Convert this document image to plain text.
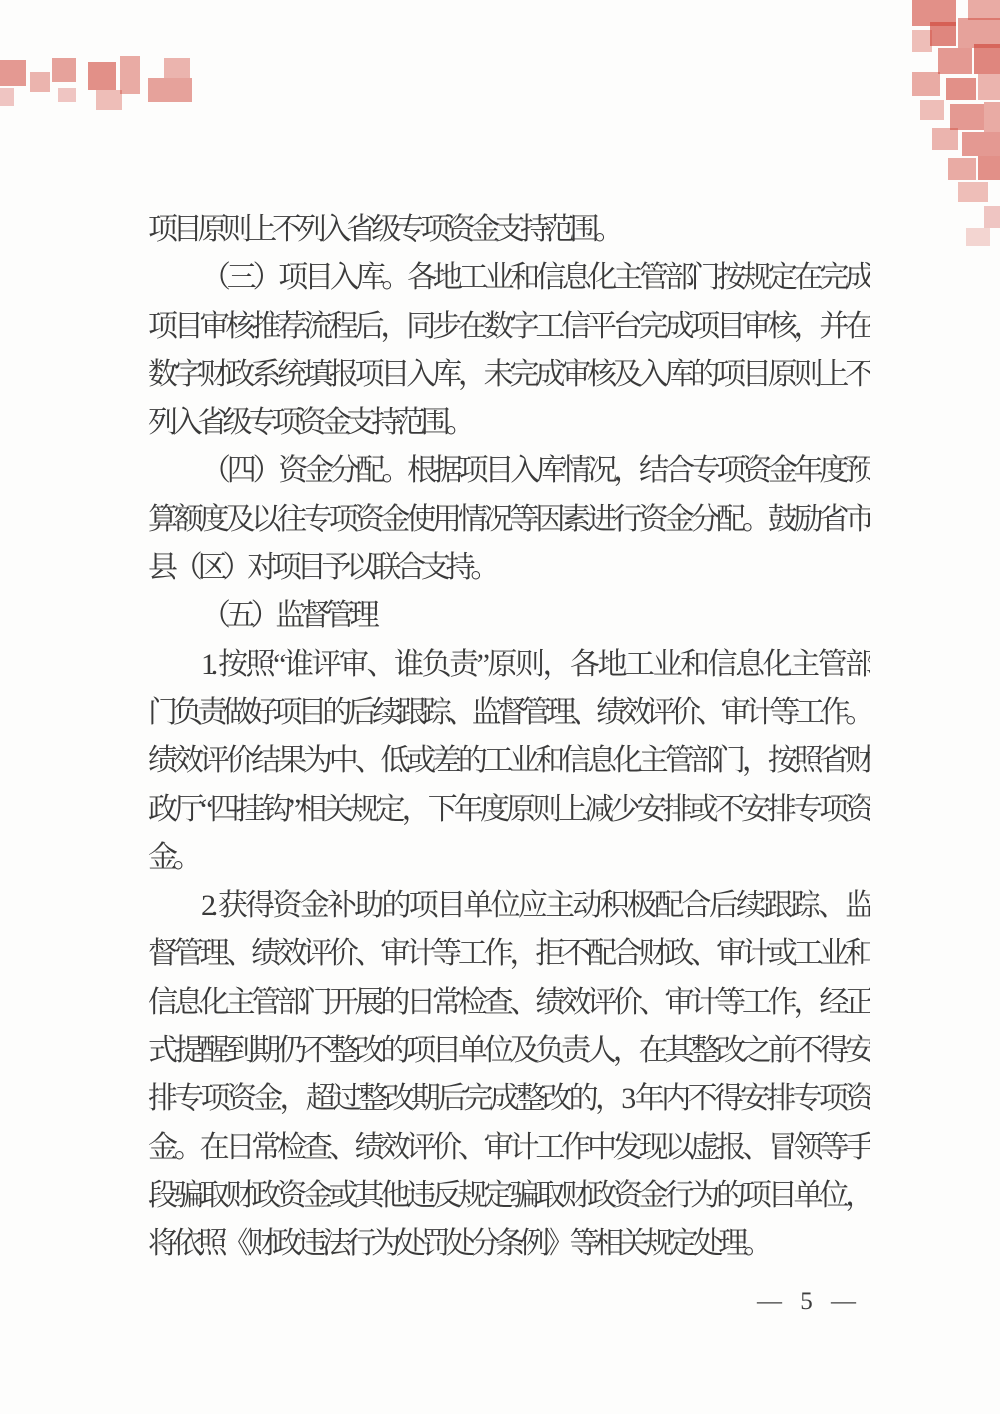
项目原则上不列入省级专项资金支持范围。
（三）项目入库。各地工业和信息化主管部门按规定在完成
项目审核推荐流程后，同步在数字工信平台完成项目审核，并在
数字财政系统填报项目入库，未完成审核及入库的项目原则上不
列入省级专项资金支持范围。
（四）资金分配。根据项目入库情况，结合专项资金年度预
算额度及以往专项资金使用情况等因素进行资金分配。鼓励省市
县（区）对项目予以联合支持。
（五）监督管理
1. 按照“谁评审、谁负责”原则，各地工业和信息化主管部
门负责做好项目的后续跟踪、监督管理、绩效评价、审计等工作。
绩效评价结果为中、低或差的工业和信息化主管部门，按照省财
政厅“四挂钩”相关规定，下年度原则上减少安排或不安排专项资
金。
2. 获得资金补助的项目单位应主动积极配合后续跟踪、监
督管理、绩效评价、审计等工作，拒不配合财政、审计或工业和
信息化主管部门开展的日常检查、绩效评价、审计等工作，经正
式提醒到期仍不整改的项目单位及负责人，在其整改之前不得安
排专项资金，超过整改期后完成整改的，3 年内不得安排专项资
金。在日常检查、绩效评价、审计工作中发现以虚报、冒领等手
段骗取财政资金或其他违反规定骗取财政资金行为的项目单位，
将依照《财政违法行为处罚处分条例》等相关规定处理。
— 5 —
